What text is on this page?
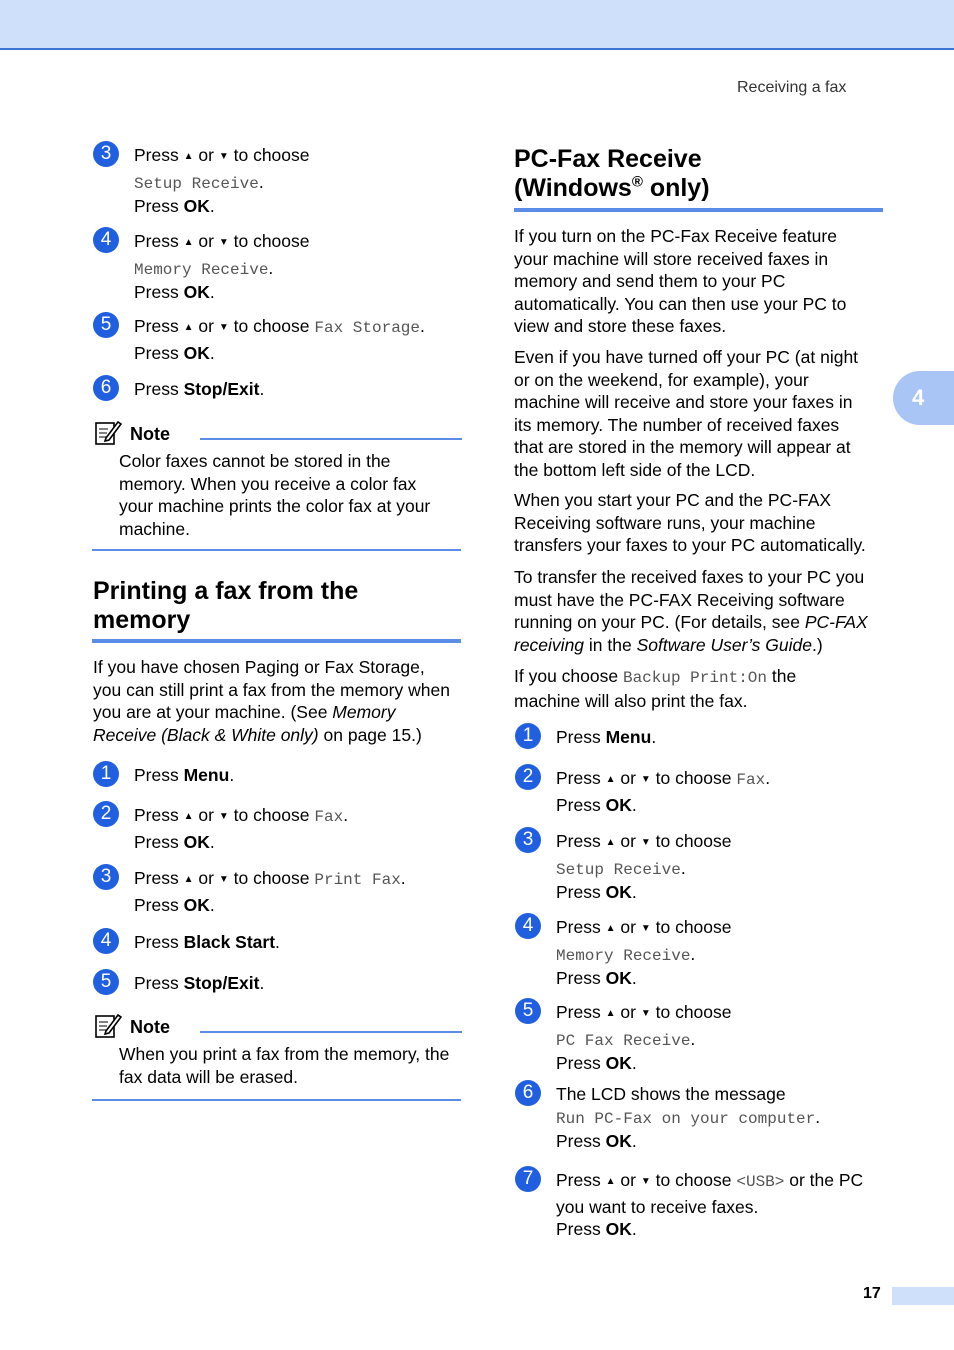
Receiving a fax
4
3	Press ▲ or ▼ to choose
Setup Receive.
Press OK.
4	Press ▲ or ▼ to choose
Memory Receive.
Press OK.
5	Press ▲ or ▼ to choose Fax Storage.
Press OK.
6	Press Stop/Exit.
Note
Color faxes cannot be stored in the
memory. When you receive a color fax
your machine prints the color fax at your
machine.
Printing a fax from the
memory
If you have chosen Paging or Fax Storage,
you can still print a fax from the memory when
you are at your machine. (See Memory
Receive (Black & White only) on page 15.)
1	Press Menu.
2	Press ▲ or ▼ to choose Fax.
Press OK.
3	Press ▲ or ▼ to choose Print Fax.
Press OK.
4	Press Black Start.
5	Press Stop/Exit.
Note
When you print a fax from the memory, the
fax data will be erased.
PC-Fax Receive
(Windows® only)
If you turn on the PC-Fax Receive feature
your machine will store received faxes in
memory and send them to your PC
automatically. You can then use your PC to
view and store these faxes.
Even if you have turned off your PC (at night
or on the weekend, for example), your
machine will receive and store your faxes in
its memory. The number of received faxes
that are stored in the memory will appear at
the bottom left side of the LCD.
When you start your PC and the PC-FAX
Receiving software runs, your machine
transfers your faxes to your PC automatically.
To transfer the received faxes to your PC you
must have the PC-FAX Receiving software
running on your PC. (For details, see PC-FAX
receiving in the Software User’s Guide.)
If you choose Backup Print:On the
machine will also print the fax.
1	Press Menu.
2	Press ▲ or ▼ to choose Fax.
Press OK.
3	Press ▲ or ▼ to choose
Setup Receive.
Press OK.
4	Press ▲ or ▼ to choose
Memory Receive.
Press OK.
5	Press ▲ or ▼ to choose
PC Fax Receive.
Press OK.
6	The LCD shows the message
Run PC-Fax on your computer.
Press OK.
7	Press ▲ or ▼ to choose <USB> or the PC
you want to receive faxes.
Press OK.
17
